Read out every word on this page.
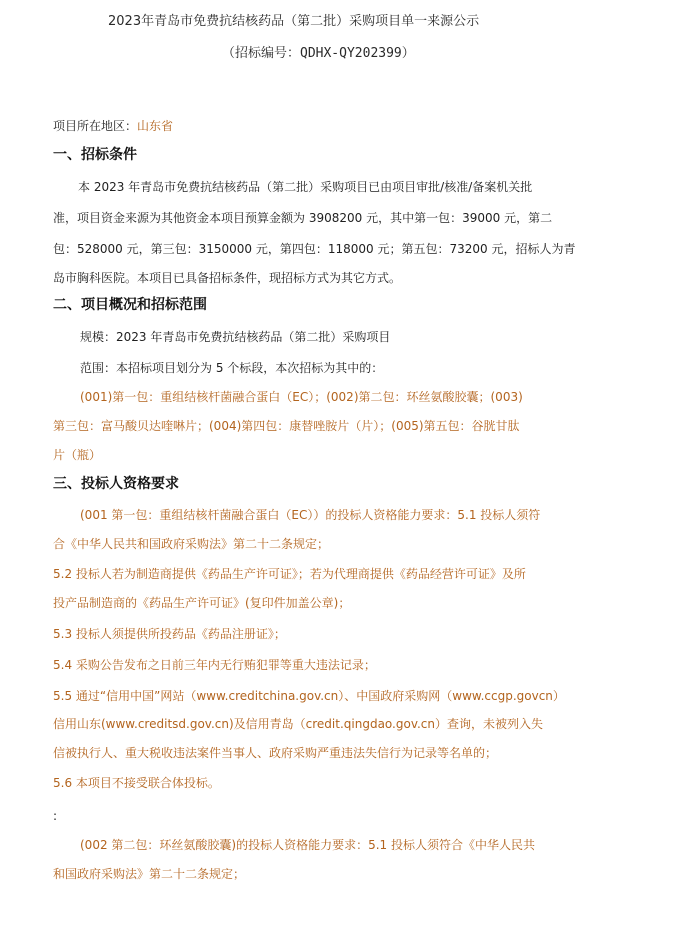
2023年青岛市免费抗结核药品（第二批）采购项目单一来源公示
（招标编号：QDHX-QY202399）
项目所在地区：山东省
一、招标条件
本 2023 年青岛市免费抗结核药品（第二批）采购项目已由项目审批/核准/备案机关批
准，项目资金来源为其他资金本项目预算金额为 3908200 元，其中第一包：39000 元，第二
包：528000 元，第三包：3150000 元，第四包：118000 元；第五包：73200 元，招标人为青
岛市胸科医院。本项目已具备招标条件，现招标方式为其它方式。
二、项目概况和招标范围
规模：2023 年青岛市免费抗结核药品（第二批）采购项目
范围：本招标项目划分为 5 个标段，本次招标为其中的：
(001)第一包：重组结核杆菌融合蛋白（EC）；(002)第二包：环丝氨酸胶囊；(003)
第三包：富马酸贝达喹啉片；(004)第四包：康替唑胺片（片）；(005)第五包：谷胱甘肽
片（瓶）
三、投标人资格要求
(001 第一包：重组结核杆菌融合蛋白（EC））的投标人资格能力要求：5.1 投标人须符
合《中华人民共和国政府采购法》第二十二条规定；
5.2 投标人若为制造商提供《药品生产许可证》；若为代理商提供《药品经营许可证》及所
投产品制造商的《药品生产许可证》(复印件加盖公章)；
5.3 投标人须提供所投药品《药品注册证》；
5.4 采购公告发布之日前三年内无行贿犯罪等重大违法记录；
5.5 通过“信用中国”网站（www.creditchina.gov.cn）、中国政府采购网（www.ccgp.govcn）
信用山东(www.creditsd.gov.cn)及信用青岛（credit.qingdao.gov.cn）查询，未被列入失
信被执行人、重大税收违法案件当事人、政府采购严重违法失信行为记录等名单的；
5.6 本项目不接受联合体投标。
:
(002 第二包：环丝氨酸胶囊)的投标人资格能力要求：5.1 投标人须符合《中华人民共
和国政府采购法》第二十二条规定；
